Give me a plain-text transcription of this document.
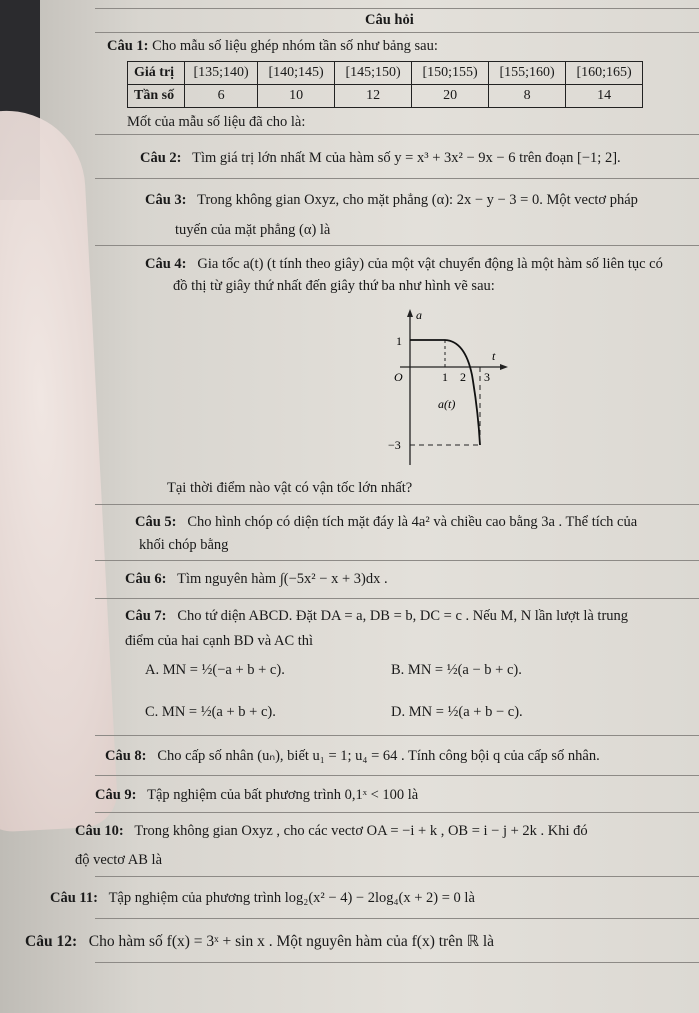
Câu hỏi
Câu 1: Cho mẫu số liệu ghép nhóm tần số như bảng sau:
Giá trị	[135;140)	[140;145)	[145;150)	[150;155)	[155;160)	[160;165)
Tần số	6	10	12	20	8	14
Mốt của mẫu số liệu đã cho là:
Câu 2: Tìm giá trị lớn nhất M của hàm số y = x³ + 3x² − 9x − 6 trên đoạn [−1; 2].
Câu 3: Trong không gian Oxyz, cho mặt phẳng (α): 2x − y − 3 = 0. Một vectơ pháp
tuyến của mặt phẳng (α) là
Câu 4: Gia tốc a(t) (t tính theo giây) của một vật chuyển động là một hàm số liên tục có
đồ thị từ giây thứ nhất đến giây thứ ba như hình vẽ sau:
a
t
O	1 2 3
1
−3
a(t)
Tại thời điểm nào vật có vận tốc lớn nhất?
Câu 5: Cho hình chóp có diện tích mặt đáy là 4a² và chiều cao bằng 3a . Thể tích của
khối chóp bằng
Câu 6: Tìm nguyên hàm ∫(−5x² − x + 3)dx .
Câu 7: Cho tứ diện ABCD. Đặt DA = a, DB = b, DC = c . Nếu M, N lần lượt là trung
điểm của hai cạnh BD và AC thì
A. MN = ½(−a + b + c).	B. MN = ½(a − b + c).
C. MN = ½(a + b + c).	D. MN = ½(a + b − c).
Câu 8: Cho cấp số nhân (uₙ), biết u₁ = 1; u₄ = 64 . Tính công bội q của cấp số nhân.
Câu 9: Tập nghiệm của bất phương trình 0,1ˣ < 100 là
Câu 10: Trong không gian Oxyz , cho các vectơ OA = −i + k , OB = i − j + 2k . Khi đó
độ vectơ AB là
Câu 11: Tập nghiệm của phương trình log₂(x² − 4) − 2log₄(x + 2) = 0 là
Câu 12: Cho hàm số f(x) = 3ˣ + sin x . Một nguyên hàm của f(x) trên ℝ là
